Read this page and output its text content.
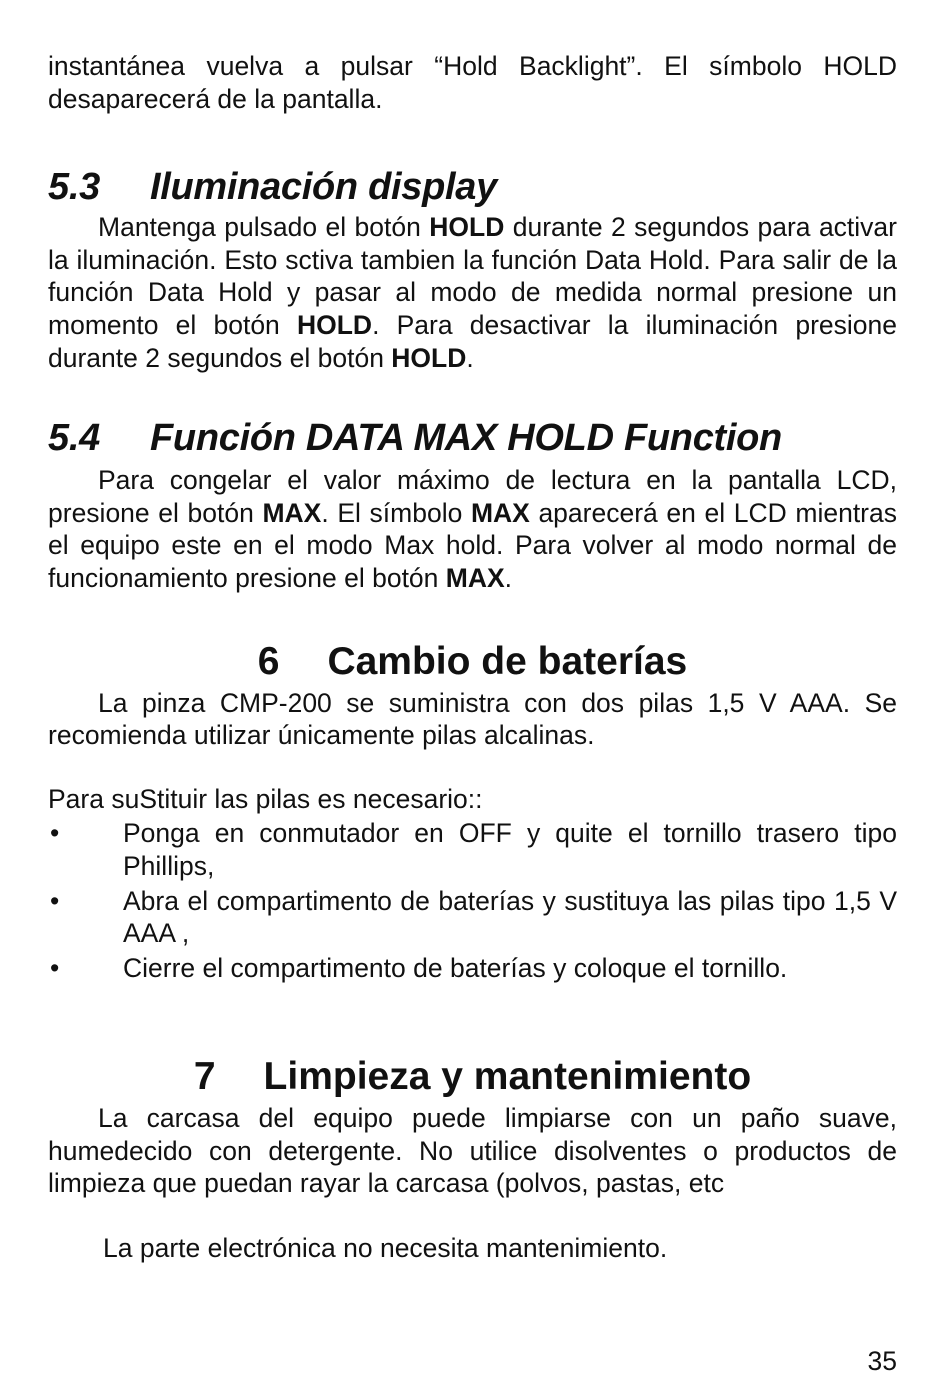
instantánea vuelva a pulsar “Hold Backlight”. El símbolo HOLD desaparecerá de la pantalla.

5.3 Iluminación display

Mantenga pulsado el botón HOLD durante 2 segundos para activar la iluminación. Esto sctiva tambien la función Data Hold. Para salir de la función Data Hold y pasar al modo de medida normal presione un momento el botón HOLD. Para desactivar la iluminación presione durante 2 segundos el botón HOLD.

5.4 Función DATA MAX HOLD Function

Para congelar el valor máximo de lectura en la pantalla LCD, presione el botón MAX. El símbolo MAX aparecerá en el LCD mientras el equipo este en el modo Max hold. Para volver al modo normal de funcionamiento presione el botón MAX.

6 Cambio de baterías

La pinza CMP-200 se suministra con dos pilas 1,5 V AAA. Se recomienda utilizar únicamente pilas alcalinas.

Para suStituir las pilas es necesario::

• Ponga en conmutador en OFF y quite el tornillo trasero tipo Phillips,
• Abra el compartimento de baterías y sustituya las pilas tipo 1,5 V AAA ,
• Cierre el compartimento de baterías y coloque el tornillo.
7 Limpieza y mantenimiento

La carcasa del equipo puede limpiarse con un paño suave, humedecido con detergente. No utilice disolventes o productos de limpieza que puedan rayar la carcasa (polvos, pastas, etc

La parte electrónica no necesita mantenimiento.

35
